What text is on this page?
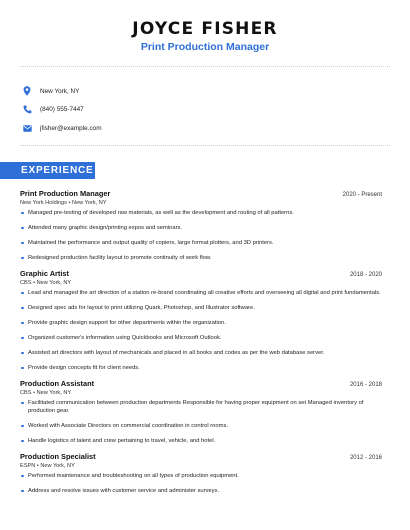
JOYCE FISHER
Print Production Manager
New York, NY
(840) 555-7447
jfisher@example.com
EXPERIENCE
Print Production Manager	2020 - Present
New York Holdings • New York, NY
Managed pre-testing of developed raw materials, as well as the development and routing of all patterns.
Attended many graphic design/printing expos and seminars.
Maintained the performance and output quality of copiers, large format plotters, and 3D printers.
Redesigned production facility layout to promote continuity of work flow.
Graphic Artist	2018 - 2020
CBS • New York, NY
Lead and managed the art direction of a station re-brand coordinating all creative efforts and overseeing all digital and print fundamentals.
Designed spec ads for layout to print utilizing Quark, Photoshop, and Illustrator software.
Provide graphic design support for other departments within the organization.
Organized customer's information using Quickbooks and Microsoft Outlook.
Assisted art directors with layout of mechanicals and placed in all books and codes as per the web database server.
Provide design concepts fit for client needs.
Production Assistant	2016 - 2018
CBS • New York, NY
Facilitated communication between production departments Responsible for having proper equipment on set Managed inventory of production gear.
Worked with Associate Directors on commercial coordination in control rooms.
Handle logistics of talent and crew pertaining to travel, vehicle, and hotel.
Production Specialist	2012 - 2016
ESPN • New York, NY
Performed maintenance and troubleshooting on all types of production equipment.
Address and resolve issues with customer service and administer surveys.
